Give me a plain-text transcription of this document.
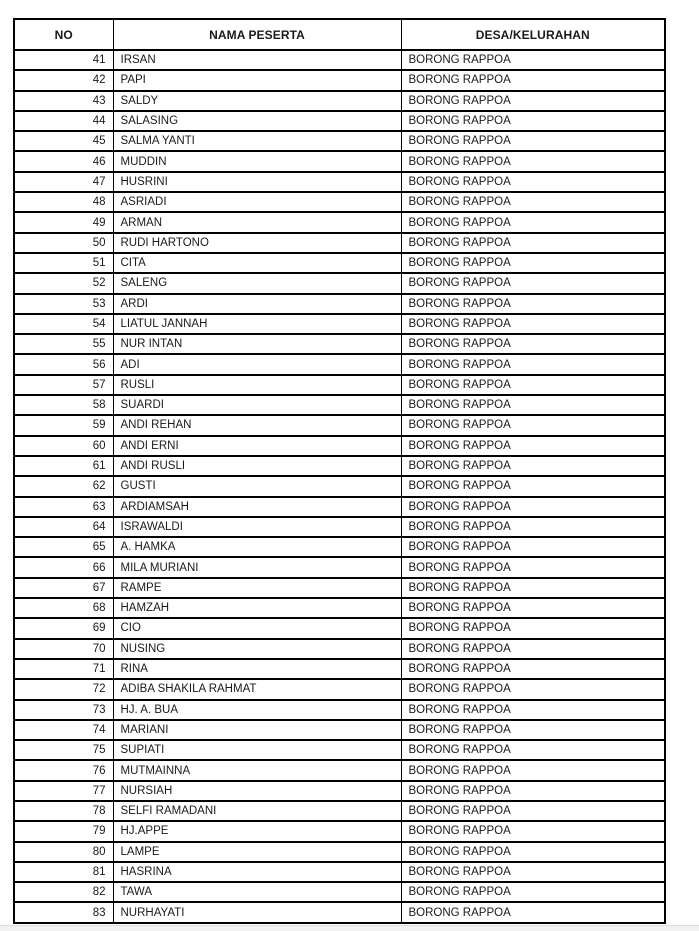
NO	NAMA PESERTA	DESA/KELURAHAN
41	IRSAN	BORONG RAPPOA
42	PAPI	BORONG RAPPOA
43	SALDY	BORONG RAPPOA
44	SALASING	BORONG RAPPOA
45	SALMA YANTI	BORONG RAPPOA
46	MUDDIN	BORONG RAPPOA
47	HUSRINI	BORONG RAPPOA
48	ASRIADI	BORONG RAPPOA
49	ARMAN	BORONG RAPPOA
50	RUDI HARTONO	BORONG RAPPOA
51	CITA	BORONG RAPPOA
52	SALENG	BORONG RAPPOA
53	ARDI	BORONG RAPPOA
54	LIATUL JANNAH	BORONG RAPPOA
55	NUR INTAN	BORONG RAPPOA
56	ADI	BORONG RAPPOA
57	RUSLI	BORONG RAPPOA
58	SUARDI	BORONG RAPPOA
59	ANDI REHAN	BORONG RAPPOA
60	ANDI ERNI	BORONG RAPPOA
61	ANDI RUSLI	BORONG RAPPOA
62	GUSTI	BORONG RAPPOA
63	ARDIAMSAH	BORONG RAPPOA
64	ISRAWALDI	BORONG RAPPOA
65	A. HAMKA	BORONG RAPPOA
66	MILA MURIANI	BORONG RAPPOA
67	RAMPE	BORONG RAPPOA
68	HAMZAH	BORONG RAPPOA
69	CIO	BORONG RAPPOA
70	NUSING	BORONG RAPPOA
71	RINA	BORONG RAPPOA
72	ADIBA SHAKILA RAHMAT	BORONG RAPPOA
73	HJ. A. BUA	BORONG RAPPOA
74	MARIANI	BORONG RAPPOA
75	SUPIATI	BORONG RAPPOA
76	MUTMAINNA	BORONG RAPPOA
77	NURSIAH	BORONG RAPPOA
78	SELFI RAMADANI	BORONG RAPPOA
79	HJ.APPE	BORONG RAPPOA
80	LAMPE	BORONG RAPPOA
81	HASRINA	BORONG RAPPOA
82	TAWA	BORONG RAPPOA
83	NURHAYATI	BORONG RAPPOA
